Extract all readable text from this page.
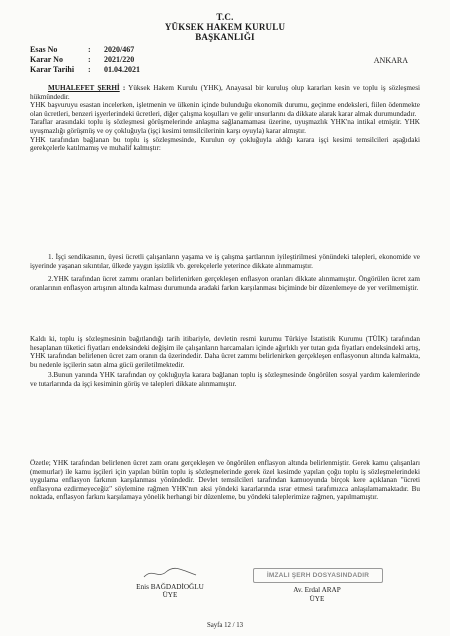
T.C.
YÜKSEK HAKEM KURULU
BAŞKANLIĞI
Esas No	:	2020/467
Karar No	:	2021/220
Karar Tarihi	:	01.04.2021
ANKARA

MUHALEFET ŞERHİ : Yüksek Hakem Kurulu (YHK), Anayasal bir kuruluş olup kararları kesin ve toplu iş sözleşmesi hükmündedir.

YHK başvuruyu esastan incelerken, işletmenin ve ülkenin içinde bulunduğu ekonomik durumu, geçinme endeksleri, fiilen ödenmekte olan ücretleri, benzeri işyerlerindeki ücretleri, diğer çalışma koşulları ve gelir unsurlarını da dikkate alarak karar almak durumundadır.

Taraflar arasındaki toplu iş sözleşmesi görüşmelerinde anlaşma sağlanamaması üzerine, uyuşmazlık YHK'na intikal etmiştir. YHK uyuşmazlığı görüşmüş ve oy çokluğuyla (işçi kesimi temsilcilerinin karşı oyuyla) karar almıştır.

YHK tarafından bağlanan bu toplu iş sözleşmesinde, Kurulun oy çokluğuyla aldığı karara işçi kesimi temsilcileri aşağıdaki gerekçelerle katılmamış ve muhalif kalmıştır:

1. İşçi sendikasının, üyesi ücretli çalışanların yaşama ve iş çalışma şartlarının iyileştirilmesi yönündeki talepleri, ekonomide ve işyerinde yaşanan sıkıntılar, ülkede yaygın işsizlik vb. gerekçelerle yeterince dikkate alınmamıştır.

2.YHK tarafından ücret zammı oranları belirlenirken gerçekleşen enflasyon oranları dikkate alınmamıştır. Öngörülen ücret zam oranlarının enflasyon artışının altında kalması durumunda aradaki farkın karşılanması biçiminde bir düzenlemeye de yer verilmemiştir.

Kaldı ki, toplu iş sözleşmesinin bağıtlandığı tarih itibariyle, devletin resmi kurumu Türkiye İstatistik Kurumu (TÜİK) tarafından hesaplanan tüketici fiyatları endeksindeki değişim ile çalışanların harcamaları içinde ağırlıklı yer tutan gıda fiyatları endeksindeki artış, YHK tarafından belirlenen ücret zam oranın da üzerindedir. Daha ücret zammı belirlenirken gerçekleşen enflasyonun altında kalmakta, bu nedenle işçilerin satın alma gücü geriletilmektedir.

3.Bunun yanında YHK tarafından oy çokluğuyla karara bağlanan toplu iş sözleşmesinde öngörülen sosyal yardım kalemlerinde ve tutarlarında da işçi kesiminin görüş ve talepleri dikkate alınmamıştır.

Özetle; YHK tarafından belirlenen ücret zam oranı gerçekleşen ve öngörülen enflasyon altında belirlenmiştir. Gerek kamu çalışanları (memurlar) ile kamu işçileri için yapılan bütün toplu iş sözleşmelerinde gerek özel kesimde yapılan çoğu toplu iş sözleşmelerindeki uygulama enflasyon farkının karşılanması yönündedir. Devlet temsilcileri tarafından kamuoyunda birçok kere açıklanan "ücreti enflasyona ezdirmeyeceğiz" söylemine rağmen YHK'nın aksi yöndeki kararlarında ısrar etmesi tarafımızca anlaşılamamaktadır. Bu noktada, enflasyon farkını karşılamaya yönelik herhangi bir düzenleme, bu yöndeki taleplerimize rağmen, yapılmamıştır.

Enis BAĞDADİOĞLU
ÜYE
İMZALI ŞERH DOSYASINDADIR
Av. Erdal ARAP
ÜYE
Sayfa 12 / 13
